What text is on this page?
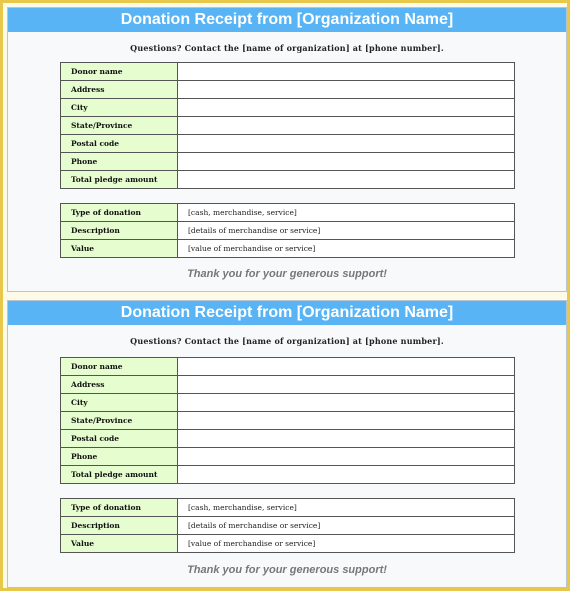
Donation Receipt from [Organization Name]
Questions? Contact the [name of organization] at [phone number].
Donor name	
Address	
City	
State/Province	
Postal code	
Phone	
Total pledge amount	
Type of donation	[cash, merchandise, service]
Description	[details of merchandise or service]
Value	[value of merchandise or service]
Thank you for your generous support!
Donation Receipt from [Organization Name]
Questions? Contact the [name of organization] at [phone number].
Donor name	
Address	
City	
State/Province	
Postal code	
Phone	
Total pledge amount	
Type of donation	[cash, merchandise, service]
Description	[details of merchandise or service]
Value	[value of merchandise or service]
Thank you for your generous support!
